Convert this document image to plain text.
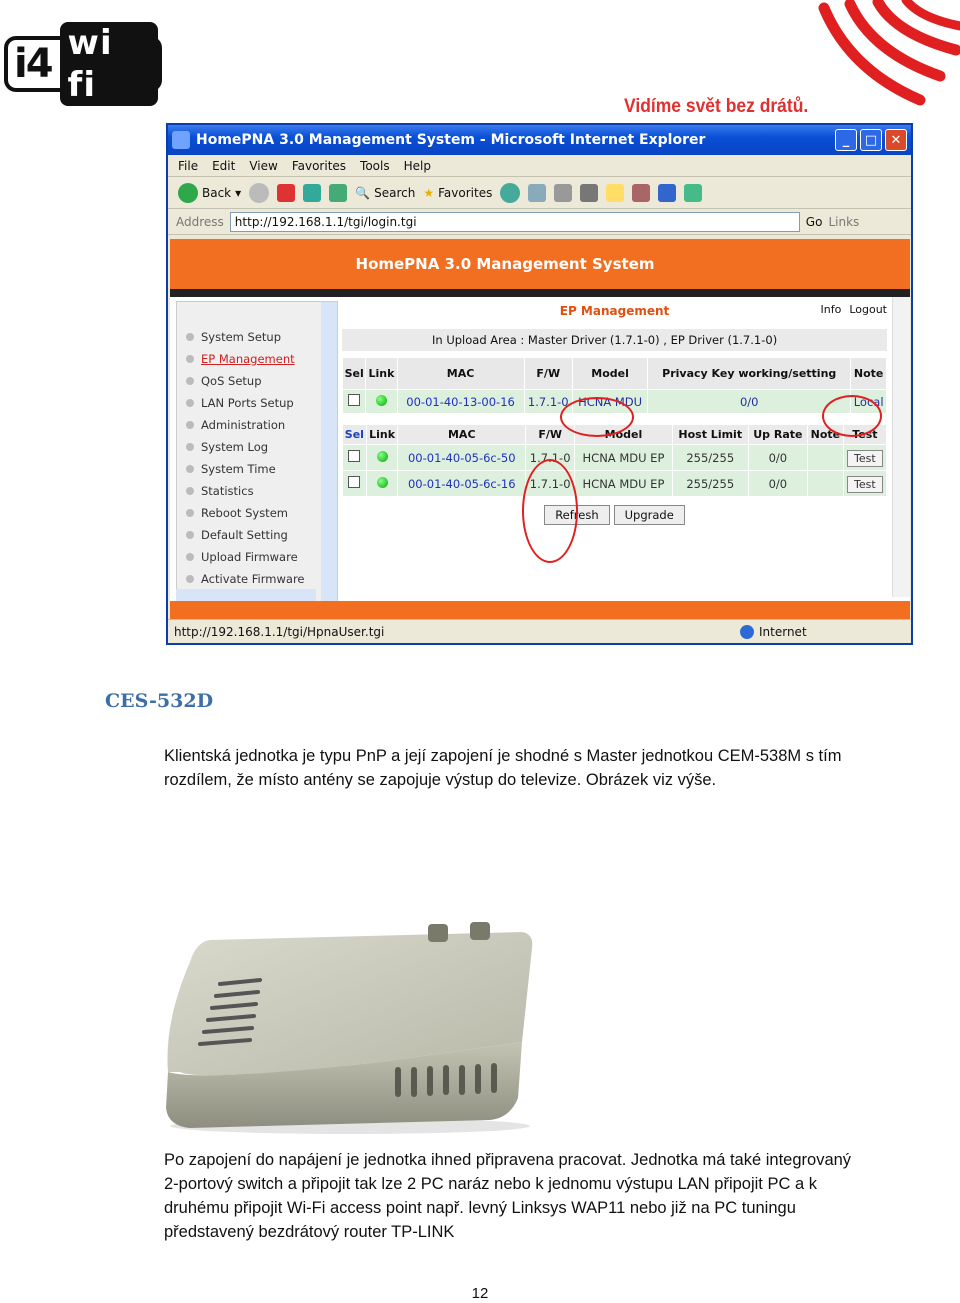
i4 wi fi
Vidíme svět bez drátů.
HomePNA 3.0 Management System - Microsoft Internet Explorer	_	□	✕
File Edit View Favorites Tools Help
Back ▾	🔍 Search ★ Favorites
Address http://192.168.1.1/tgi/login.tgi	Go Links
HomePNA 3.0 Management System
System Setup
EP Management
QoS Setup
LAN Ports Setup
Administration
System Log
System Time
Statistics
Reboot System
Default Setting
Upload Firmware
Activate Firmware
EP Management	Info Logout
In Upload Area : Master Driver (1.7.1-0) , EP Driver (1.7.1-0)
Sel	Link	MAC	F/W	Model	Privacy Key working/setting	Note
		00-01-40-13-00-16	1.7.1-0	HCNA MDU	0/0	Local
Sel	Link	MAC	F/W	Model	Host Limit	Up Rate	Note	Test
		00-01-40-05-6c-50	1.7.1-0	HCNA MDU EP	255/255	0/0		Test
		00-01-40-05-6c-16	1.7.1-0	HCNA MDU EP	255/255	0/0		Test
Refresh	Upgrade
http://192.168.1.1/tgi/HpnaUser.tgi	Internet
CES-532D
Klientská jednotka je typu PnP a její zapojení je shodné s Master jednotkou CEM-538M s tím rozdílem, že místo antény se zapojuje výstup do televize. Obrázek viz výše.
Po zapojení do napájení je jednotka ihned připravena pracovat. Jednotka má také integrovaný 2-portový switch a připojit tak lze 2 PC naráz nebo k jednomu výstupu LAN připojit PC a k druhému připojit Wi-Fi access point např. levný Linksys WAP11 nebo již na PC tuningu představený bezdrátový router TP-LINK
12
